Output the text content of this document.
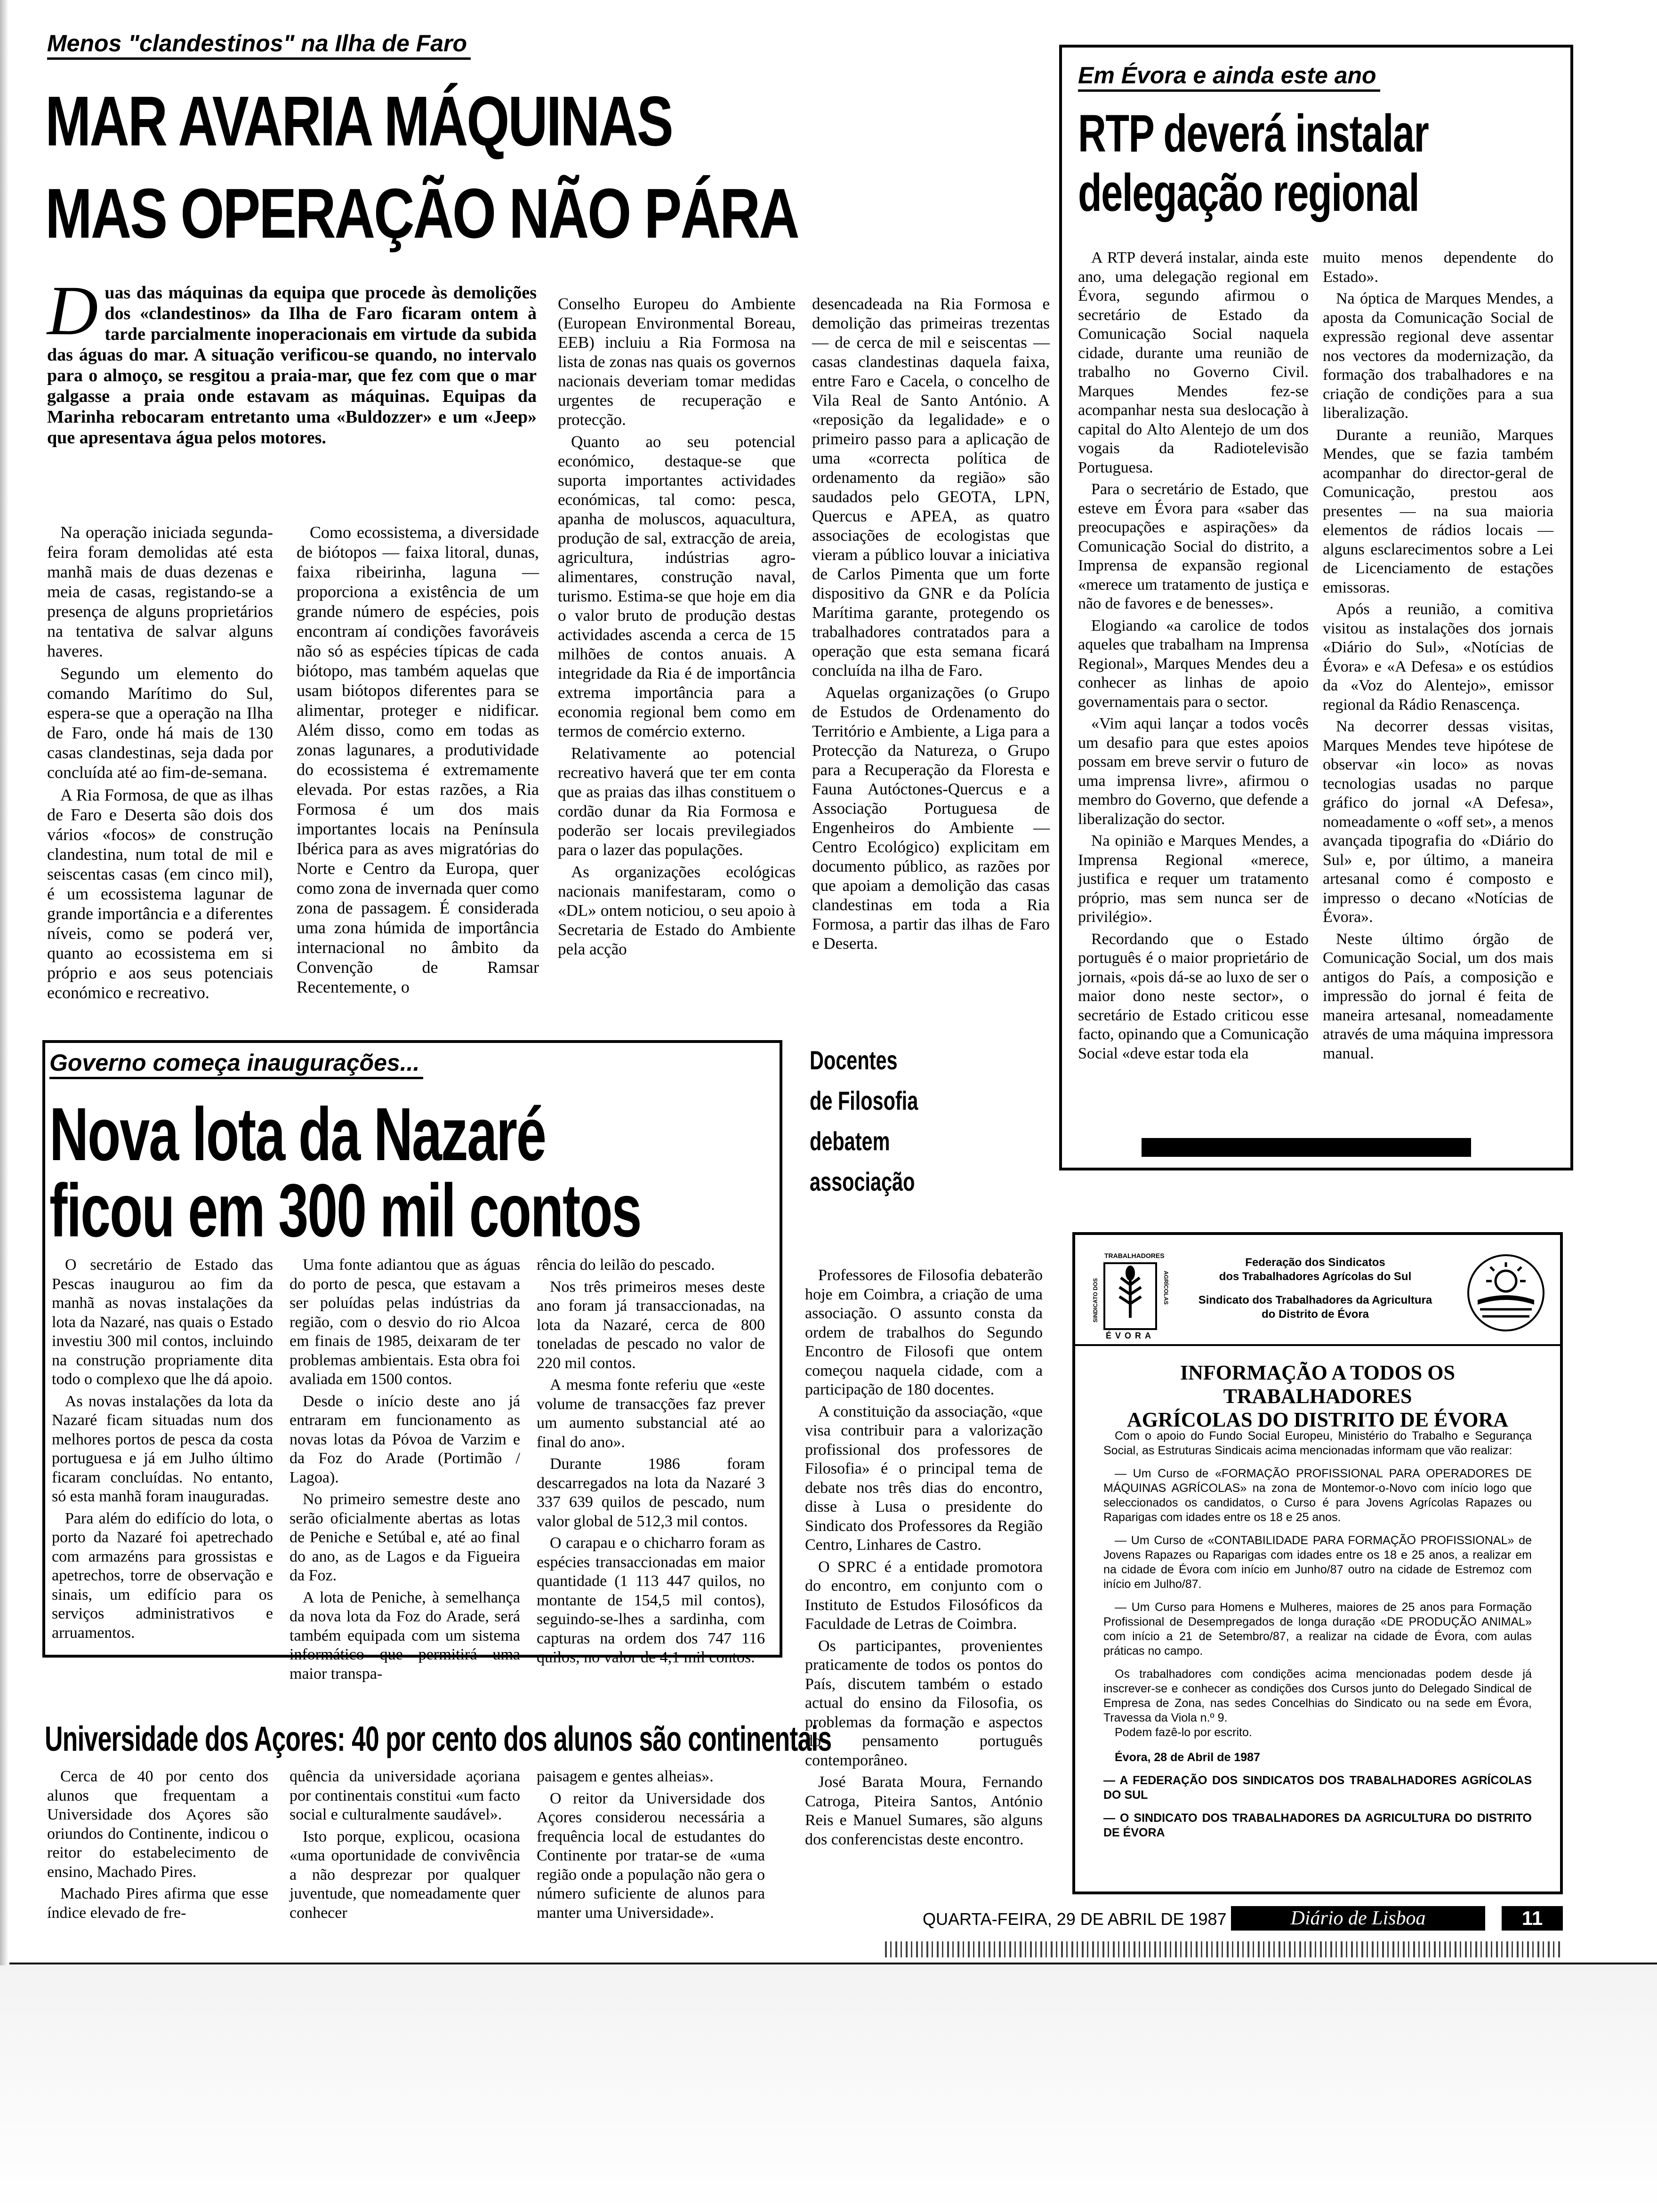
Menos "clandestinos" na Ilha de Faro
MAR AVARIA MÁQUINAS
MAS OPERAÇÃO NÃO PÁRA
D uas das máquinas da equipa que procede às demolições dos «clandestinos» da Ilha de Faro ficaram ontem à tarde parcialmente inoperacionais em virtude da subida das águas do mar. A situação verificou-se quando, no intervalo para o almoço, se resgitou a praia-mar, que fez com que o mar galgasse a praia onde estavam as máquinas. Equipas da Marinha rebocaram entretanto uma «Buldozzer» e um «Jeep» que apresentava água pelos motores.

Na operação iniciada segunda-feira foram demolidas até esta manhã mais de duas dezenas e meia de casas, registando-se a presença de alguns proprietários na tentativa de salvar alguns haveres.

Segundo um elemento do comando Marítimo do Sul, espera-se que a operação na Ilha de Faro, onde há mais de 130 casas clandestinas, seja dada por concluída até ao fim-de-semana.

A Ria Formosa, de que as ilhas de Faro e Deserta são dois dos vários «focos» de construção clandestina, num total de mil e seiscentas casas (em cinco mil), é um ecossistema lagunar de grande importância e a diferentes níveis, como se poderá ver, quanto ao ecossistema em si próprio e aos seus potenciais económico e recreativo.

Como ecossistema, a diversidade de biótopos — faixa litoral, dunas, faixa ribeirinha, laguna — proporciona a existência de um grande número de espécies, pois encontram aí condições favoráveis não só as espécies típicas de cada biótopo, mas também aquelas que usam biótopos diferentes para se alimentar, proteger e nidificar. Além disso, como em todas as zonas lagunares, a produtividade do ecossistema é extremamente elevada. Por estas razões, a Ria Formosa é um dos mais importantes locais na Península Ibérica para as aves migratórias do Norte e Centro da Europa, quer como zona de invernada quer como zona de passagem. É considerada uma zona húmida de importância internacional no âmbito da Convenção de Ramsar Recentemente, o

Conselho Europeu do Ambiente (European Environmental Boreau, EEB) incluiu a Ria Formosa na lista de zonas nas quais os governos nacionais deveriam tomar medidas urgentes de recuperação e protecção.

Quanto ao seu potencial económico, destaque-se que suporta importantes actividades económicas, tal como: pesca, apanha de moluscos, aquacultura, produção de sal, extracção de areia, agricultura, indústrias agro-alimentares, construção naval, turismo. Estima-se que hoje em dia o valor bruto de produção destas actividades ascenda a cerca de 15 milhões de contos anuais. A integridade da Ria é de importância extrema importância para a economia regional bem como em termos de comércio externo.

Relativamente ao potencial recreativo haverá que ter em conta que as praias das ilhas constituem o cordão dunar da Ria Formosa e poderão ser locais previlegiados para o lazer das populações.

As organizações ecológicas nacionais manifestaram, como o «DL» ontem noticiou, o seu apoio à Secretaria de Estado do Ambiente pela acção

desencadeada na Ria Formosa e demolição das primeiras trezentas — de cerca de mil e seiscentas — casas clandestinas daquela faixa, entre Faro e Cacela, o concelho de Vila Real de Santo António. A «reposição da legalidade» e o primeiro passo para a aplicação de uma «correcta política de ordenamento da região» são saudados pelo GEOTA, LPN, Quercus e APEA, as quatro associações de ecologistas que vieram a público louvar a iniciativa de Carlos Pimenta que um forte dispositivo da GNR e da Polícia Marítima garante, protegendo os trabalhadores contratados para a operação que esta semana ficará concluída na ilha de Faro.

Aquelas organizações (o Grupo de Estudos de Ordenamento do Território e Ambiente, a Liga para a Protecção da Natureza, o Grupo para a Recuperação da Floresta e Fauna Autóctones-Quercus e a Associação Portuguesa de Engenheiros do Ambiente — Centro Ecológico) explicitam em documento público, as razões por que apoiam a demolição das casas clandestinas em toda a Ria Formosa, a partir das ilhas de Faro e Deserta.

Em Évora e ainda este ano
RTP deverá instalar
delegação regional

A RTP deverá instalar, ainda este ano, uma delegação regional em Évora, segundo afirmou o secretário de Estado da Comunicação Social naquela cidade, durante uma reunião de trabalho no Governo Civil. Marques Mendes fez-se acompanhar nesta sua deslocação à capital do Alto Alentejo de um dos vogais da Radiotelevisão Portuguesa.

Para o secretário de Estado, que esteve em Évora para «saber das preocupações e aspirações» da Comunicação Social do distrito, a Imprensa de expansão regional «merece um tratamento de justiça e não de favores e de benesses».

Elogiando «a carolice de todos aqueles que trabalham na Imprensa Regional», Marques Mendes deu a conhecer as linhas de apoio governamentais para o sector.

«Vim aqui lançar a todos vocês um desafio para que estes apoios possam em breve servir o futuro de uma imprensa livre», afirmou o membro do Governo, que defende a liberalização do sector.

Na opinião e Marques Mendes, a Imprensa Regional «merece, justifica e requer um tratamento próprio, mas sem nunca ser de privilégio».

Recordando que o Estado português é o maior proprietário de jornais, «pois dá-se ao luxo de ser o maior dono neste sector», o secretário de Estado criticou esse facto, opinando que a Comunicação Social «deve estar toda ela

muito menos dependente do Estado».

Na óptica de Marques Mendes, a aposta da Comunicação Social de expressão regional deve assentar nos vectores da modernização, da formação dos trabalhadores e na criação de condições para a sua liberalização.

Durante a reunião, Marques Mendes, que se fazia também acompanhar do director-geral de Comunicação, prestou aos presentes — na sua maioria elementos de rádios locais — alguns esclarecimentos sobre a Lei de Licenciamento de estações emissoras.

Após a reunião, a comitiva visitou as instalações dos jornais «Diário do Sul», «Notícias de Évora» e «A Defesa» e os estúdios da «Voz do Alentejo», emissor regional da Rádio Renascença.

Na decorrer dessas visitas, Marques Mendes teve hipótese de observar «in loco» as novas tecnologias usadas no parque gráfico do jornal «A Defesa», nomeadamente o «off set», a menos avançada tipografia do «Diário do Sul» e, por último, a maneira artesanal como é composto e impresso o decano «Notícias de Évora».

Neste último órgão de Comunicação Social, um dos mais antigos do País, a composição e impressão do jornal é feita de maneira artesanal, nomeadamente através de uma máquina impressora manual.

Governo começa inaugurações...
Nova lota da Nazaré
ficou em 300 mil contos

O secretário de Estado das Pescas inaugurou ao fim da manhã as novas instalações da lota da Nazaré, nas quais o Estado investiu 300 mil contos, incluindo na construção propriamente dita todo o complexo que lhe dá apoio.

As novas instalações da lota da Nazaré ficam situadas num dos melhores portos de pesca da costa portuguesa e já em Julho último ficaram concluídas. No entanto, só esta manhã foram inauguradas.

Para além do edifício do lota, o porto da Nazaré foi apetrechado com armazéns para grossistas e apetrechos, torre de observação e sinais, um edifício para os serviços administrativos e arruamentos.

Uma fonte adiantou que as águas do porto de pesca, que estavam a ser poluídas pelas indústrias da região, com o desvio do rio Alcoa em finais de 1985, deixaram de ter problemas ambientais. Esta obra foi avaliada em 1500 contos.

Desde o início deste ano já entraram em funcionamento as novas lotas da Póvoa de Varzim e da Foz do Arade (Portimão / Lagoa).

No primeiro semestre deste ano serão oficialmente abertas as lotas de Peniche e Setúbal e, até ao final do ano, as de Lagos e da Figueira da Foz.

A lota de Peniche, à semelhança da nova lota da Foz do Arade, será também equipada com um sistema informático que permitirá uma maior transpa-

rência do leilão do pescado.

Nos três primeiros meses deste ano foram já transaccionadas, na lota da Nazaré, cerca de 800 toneladas de pescado no valor de 220 mil contos.

A mesma fonte referiu que «este volume de transacções faz prever um aumento substancial até ao final do ano».

Durante 1986 foram descarregados na lota da Nazaré 3 337 639 quilos de pescado, num valor global de 512,3 mil contos.

O carapau e o chicharro foram as espécies transaccionadas em maior quantidade (1 113 447 quilos, no montante de 154,5 mil contos), seguindo-se-lhes a sardinha, com capturas na ordem dos 747 116 quilos, no valor de 4,1 mil contos.

Docentes
de Filosofia
debatem
associação

Professores de Filosofia debaterão hoje em Coimbra, a criação de uma associação. O assunto consta da ordem de trabalhos do Segundo Encontro de Filosofi que ontem começou naquela cidade, com a participação de 180 docentes.

A constituição da associação, «que visa contribuir para a valorização profissional dos professores de Filosofia» é o principal tema de debate nos três dias do encontro, disse à Lusa o presidente do Sindicato dos Professores da Região Centro, Linhares de Castro.

O SPRC é a entidade promotora do encontro, em conjunto com o Instituto de Estudos Filosóficos da Faculdade de Letras de Coimbra.

Os participantes, provenientes praticamente de todos os pontos do País, discutem também o estado actual do ensino da Filosofia, os problemas da formação e aspectos do pensamento português contemporâneo.

José Barata Moura, Fernando Catroga, Piteira Santos, António Reis e Manuel Sumares, são alguns dos conferencistas deste encontro.

Universidade dos Açores: 40 por cento dos alunos são continentais

Cerca de 40 por cento dos alunos que frequentam a Universidade dos Açores são oriundos do Continente, indicou o reitor do estabelecimento de ensino, Machado Pires.

Machado Pires afirma que esse índice elevado de fre-

quência da universidade açoriana por continentais constitui «um facto social e culturalmente saudável».

Isto porque, explicou, ocasiona «uma oportunidade de convivência a não desprezar por qualquer juventude, que nomeadamente quer conhecer

paisagem e gentes alheias».

O reitor da Universidade dos Açores considerou necessária a frequência local de estudantes do Continente por tratar-se de «uma região onde a população não gera o número suficiente de alunos para manter uma Universidade».

TRABALHADORES
ÉVORA
SINDICATO DOS	AGRÍCOLAS
Federação dos Sindicatos
dos Trabalhadores Agrícolas do Sul
Sindicato dos Trabalhadores da Agricultura
do Distrito de Évora
INFORMAÇÃO A TODOS OS TRABALHADORES
AGRÍCOLAS DO DISTRITO DE ÉVORA

Com o apoio do Fundo Social Europeu, Ministério do Trabalho e Segurança Social, as Estruturas Sindicais acima mencionadas informam que vão realizar:

— Um Curso de «FORMAÇÃO PROFISSIONAL PARA OPERADORES DE MÁQUINAS AGRÍCOLAS» na zona de Montemor-o-Novo com início logo que seleccionados os candidatos, o Curso é para Jovens Agrícolas Rapazes ou Raparigas com idades entre os 18 e 25 anos.

— Um Curso de «CONTABILIDADE PARA FORMAÇÃO PROFISSIONAL» de Jovens Rapazes ou Raparigas com idades entre os 18 e 25 anos, a realizar em na cidade de Évora com início em Junho/87 outro na cidade de Estremoz com início em Julho/87.

— Um Curso para Homens e Mulheres, maiores de 25 anos para Formação Profissional de Desempregados de longa duração «DE PRODUÇÃO ANIMAL» com início a 21 de Setembro/87, a realizar na cidade de Évora, com aulas práticas no campo.

Os trabalhadores com condições acima mencionadas podem desde já inscrever-se e conhecer as condições dos Cursos junto do Delegado Sindical de Empresa de Zona, nas sedes Concelhias do Sindicato ou na sede em Évora, Travessa da Viola n.º 9.

Podem fazê-lo por escrito.

Évora, 28 de Abril de 1987

— A FEDERAÇÃO DOS SINDICATOS DOS TRABALHADORES AGRÍCOLAS DO SUL

— O SINDICATO DOS TRABALHADORES DA AGRICULTURA DO DISTRITO DE ÉVORA

QUARTA-FEIRA, 29 DE ABRIL DE 1987	Diário de Lisboa	11
